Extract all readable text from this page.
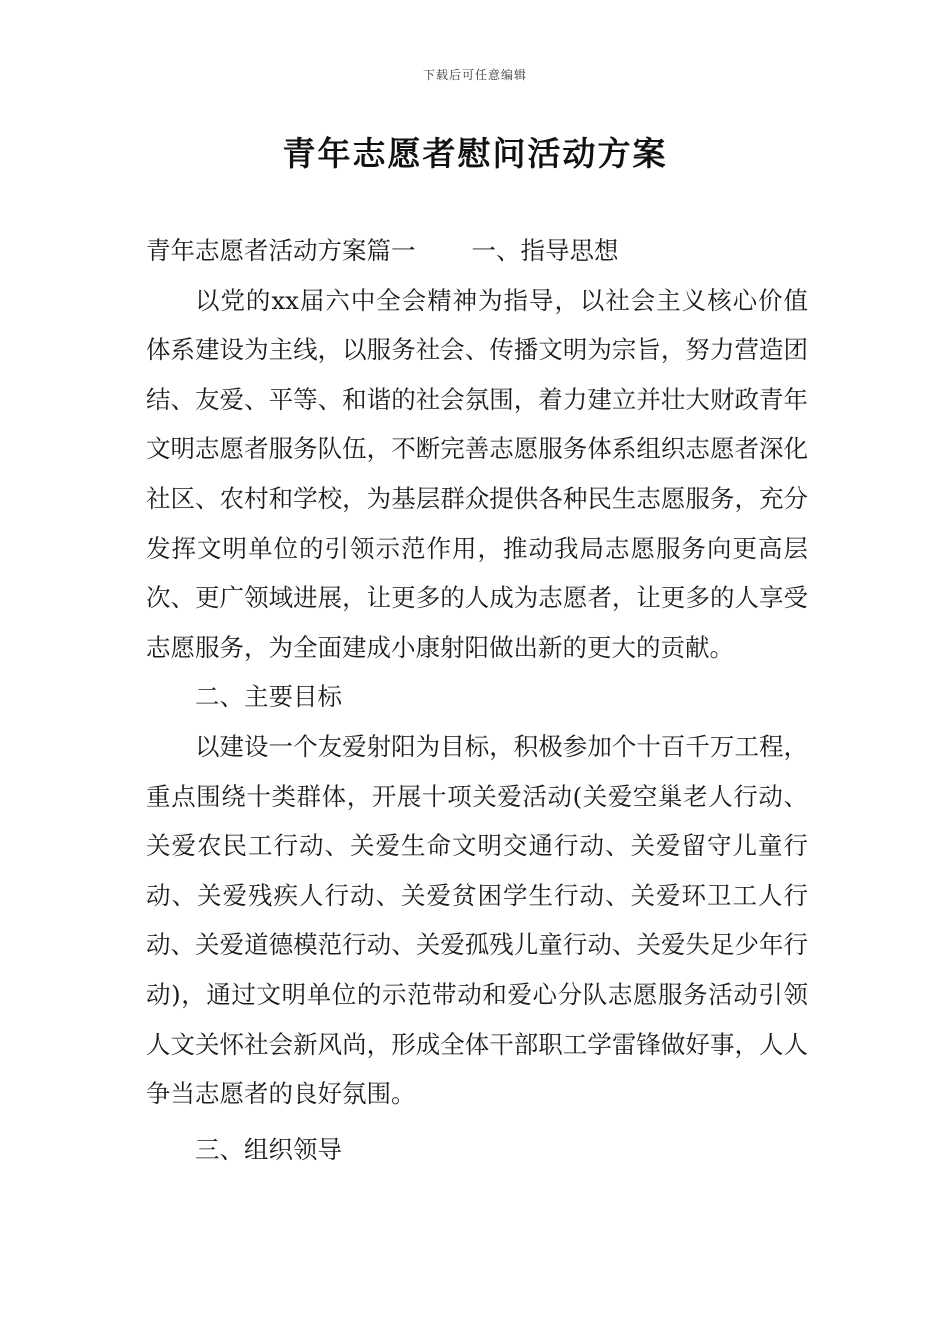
下载后可任意编辑
青年志愿者慰问活动方案

青年志愿者活动方案篇一 一、指导思想

以党的xx届六中全会精神为指导，以社会主义核心价值体系建设为主线，以服务社会、传播文明为宗旨，努力营造团结、友爱、平等、和谐的社会氛围，着力建立并壮大财政青年文明志愿者服务队伍，不断完善志愿服务体系组织志愿者深化社区、农村和学校，为基层群众提供各种民生志愿服务，充分发挥文明单位的引领示范作用，推动我局志愿服务向更高层次、更广领域进展，让更多的人成为志愿者，让更多的人享受志愿服务，为全面建成小康射阳做出新的更大的贡献。

二、主要目标

以建设一个友爱射阳为目标，积极参加个十百千万工程，重点围绕十类群体，开展十项关爱活动(关爱空巢老人行动、关爱农民工行动、关爱生命文明交通行动、关爱留守儿童行动、关爱残疾人行动、关爱贫困学生行动、关爱环卫工人行动、关爱道德模范行动、关爱孤残儿童行动、关爱失足少年行动)，通过文明单位的示范带动和爱心分队志愿服务活动引领人文关怀社会新风尚，形成全体干部职工学雷锋做好事，人人争当志愿者的良好氛围。

三、组织领导
